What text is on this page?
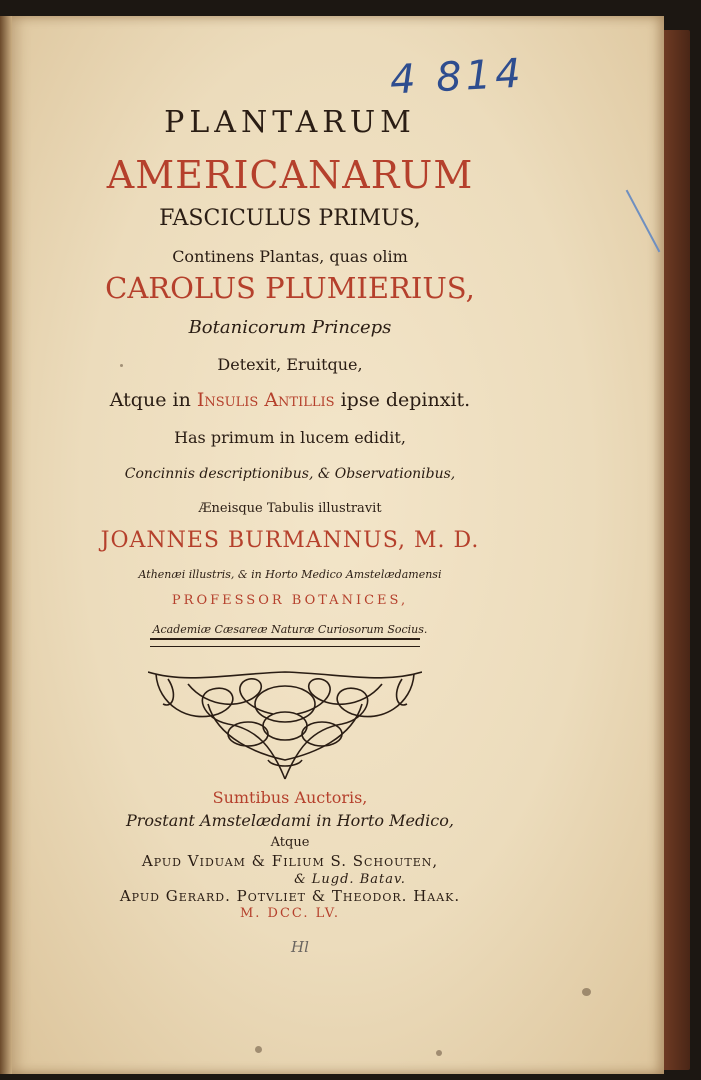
4 814
PLANTARUM
AMERICANARUM
FASCICULUS PRIMUS,
Continens Plantas, quas olim
CAROLUS PLUMIERIUS,
Botanicorum Princeps
Detexit, Eruitque,
Atque in Insulis Antillis ipse depinxit.
Has primum in lucem edidit,
Concinnis descriptionibus, & Observationibus,
Æneisque Tabulis illustravit
JOANNES BURMANNUS, M. D.
Athenæi illustris, & in Horto Medico Amstelædamensi
PROFESSOR BOTANICES,
Academiæ Cæsareæ Naturæ Curiosorum Socius.
Sumtibus Auctoris,
Prostant Amstelædami in Horto Medico,
Atque
Apud Viduam & Filium S. Schouten,
& Lugd. Batav.
Apud Gerard. Potvliet & Theodor. Haak.
M. DCC. LV.
Hl
